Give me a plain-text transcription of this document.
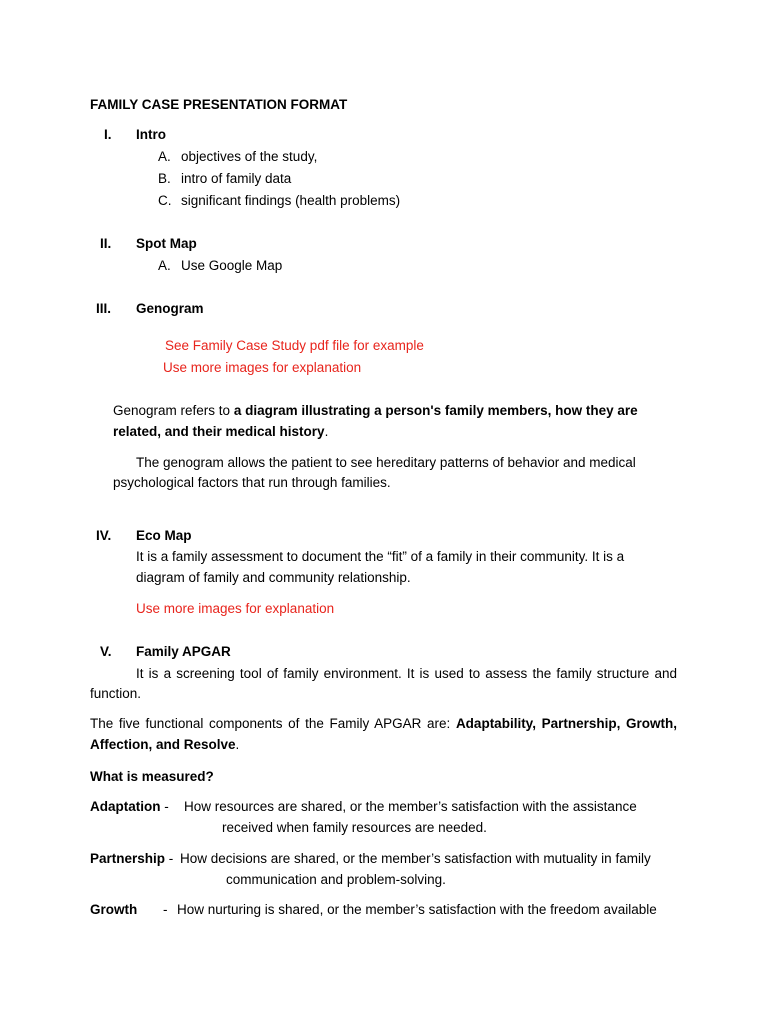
FAMILY CASE PRESENTATION FORMAT
I. Intro
A. objectives of the study,
B. intro of family data
C. significant findings (health problems)
II. Spot Map
A. Use Google Map
III. Genogram
See Family Case Study pdf file for example
Use more images for explanation
Genogram refers to a diagram illustrating a person's family members, how they are
related, and their medical history.
The genogram allows the patient to see hereditary patterns of behavior and medical
psychological factors that run through families.
IV. Eco Map
It is a family assessment to document the “fit” of a family in their community. It is a
diagram of family and community relationship.
Use more images for explanation
V. Family APGAR
It is a screening tool of family environment. It is used to assess the family structure and
function.
The five functional components of the Family APGAR are: Adaptability, Partnership, Growth,
Affection, and Resolve.
What is measured?
Adaptation - How resources are shared, or the member’s satisfaction with the assistance
received when family resources are needed.
Partnership - How decisions are shared, or the member’s satisfaction with mutuality in family
communication and problem-solving.
Growth - How nurturing is shared, or the member’s satisfaction with the freedom available
